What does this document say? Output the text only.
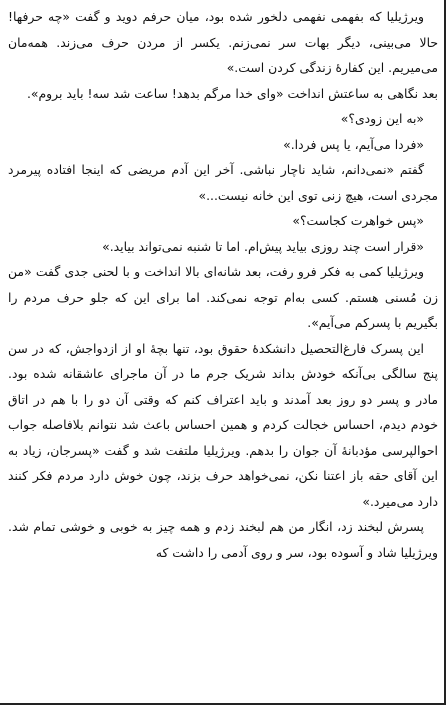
ویرژیلیا که بفهمی نفهمی دلخور شده بود، میان حرفم دوید و گفت «چه حرفها! حالا می‌بینی، دیگر بهات سر نمی‌زنم. یکسر از مردن حرف می‌زند. همه‌مان می‌میریم. این کفارهٔ زندگی کردن است.»

بعد نگاهی به ساعتش انداخت «وای خدا مرگم بدهد! ساعت شد سه! باید بروم».

«به این زودی؟»

«فردا می‌آیم، یا پس فردا.»

گفتم «نمی‌دانم، شاید ناچار نباشی. آخر این آدم مریضی که اینجا افتاده پیرمرد مجردی است، هیچ زنی توی این خانه نیست...»

«پس خواهرت کجاست؟»

«قرار است چند روزی بیاید پیش‌ام. اما تا شنبه نمی‌تواند بیاید.»

ویرژیلیا کمی به فکر فرو رفت، بعد شانه‌ای بالا انداخت و با لحنی جدی گفت «من زن مُسنی هستم. کسی به‌ام توجه نمی‌کند. اما برای این که جلو حرف مردم را بگیریم با پسرکم می‌آیم».

این پسرک فارغ‌التحصیل دانشکدهٔ حقوق بود، تنها بچهٔ او از ازدواجش، که در سن پنج سالگی بی‌آنکه خودش بداند شریک جرم ما در آن ماجرای عاشقانه شده بود. مادر و پسر دو روز بعد آمدند و باید اعتراف کنم که وقتی آن دو را با هم در اتاق خودم دیدم، احساس خجالت کردم و همین احساس باعث شد نتوانم بلافاصله جواب احوالپرسی مؤدبانهٔ آن جوان را بدهم. ویرژیلیا ملتفت شد و گفت «پسرجان، زیاد به این آقای حقه باز اعتنا نکن، نمی‌خواهد حرف بزند، چون خوش دارد مردم فکر کنند دارد می‌میرد.»

پسرش لبخند زد، انگار من هم لبخند زدم و همه چیز به خوبی و خوشی تمام شد. ویرژیلیا شاد و آسوده بود، سر و روی آدمی را داشت که
